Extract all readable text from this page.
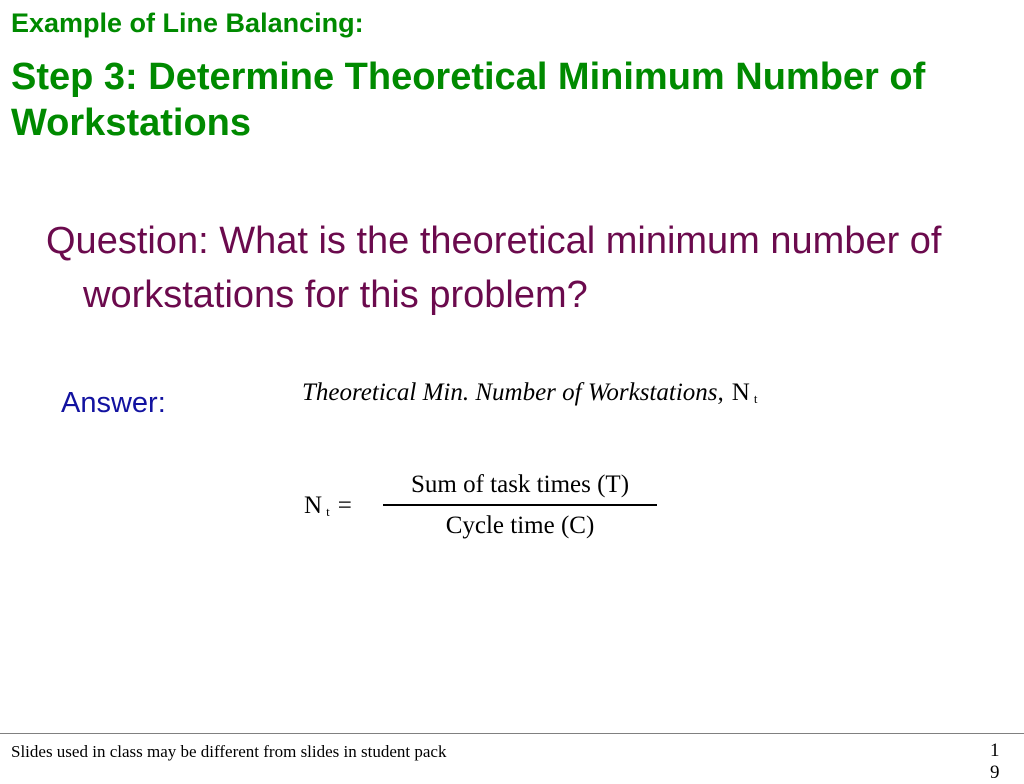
Example of Line Balancing:
Step 3: Determine Theoretical Minimum Number of Workstations

Question: What is the theoretical minimum number of workstations for this problem?

Answer:	Theoretical Min. Number of Workstations, N $_t$
N $_t$ =
Sum of task times (T)
Cycle time (C)
Slides used in class may be different from slides in student pack	19
